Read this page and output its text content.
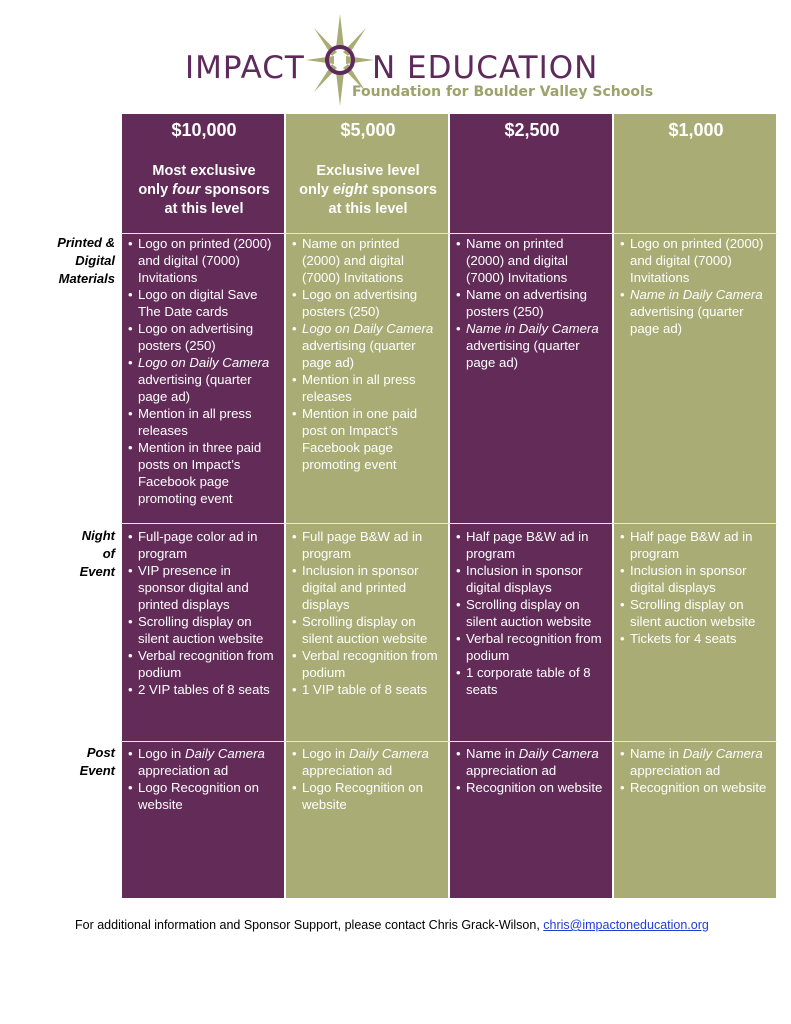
IMPACT N EDUCATION
Foundation for Boulder Valley Schools
Printed &
Digital
Materials
Night
of
Event
Post
Event
$10,000
Most exclusive
only four sponsors
at this level
• Logo on printed (2000) and digital (7000) Invitations
• Logo on digital Save The Date cards
• Logo on advertising posters (250)
• Logo on Daily Camera advertising (quarter page ad)
• Mention in all press releases
• Mention in three paid posts on Impact’s Facebook page promoting event
• Full-page color ad in program
• VIP presence in sponsor digital and printed displays
• Scrolling display on silent auction website
• Verbal recognition from podium
• 2 VIP tables of 8 seats
• Logo in Daily Camera appreciation ad
• Logo Recognition on website
$5,000
Exclusive level
only eight sponsors
at this level
• Name on printed (2000) and digital (7000) Invitations
• Logo on advertising posters (250)
• Logo on Daily Camera advertising (quarter page ad)
• Mention in all press releases
• Mention in one paid post on Impact’s Facebook page promoting event
• Full page B&W ad in program
• Inclusion in sponsor digital and printed displays
• Scrolling display on silent auction website
• Verbal recognition from podium
• 1 VIP table of 8 seats
• Logo in Daily Camera appreciation ad
• Logo Recognition on website
$2,500
• Name on printed (2000) and digital (7000) Invitations
• Name on advertising posters (250)
• Name in Daily Camera advertising (quarter page ad)
• Half page B&W ad in program
• Inclusion in sponsor digital displays
• Scrolling display on silent auction website
• Verbal recognition from podium
• 1 corporate table of 8 seats
• Name in Daily Camera appreciation ad
• Recognition on website
$1,000
• Logo on printed (2000) and digital (7000) Invitations
• Name in Daily Camera advertising (quarter page ad)
• Half page B&W ad in program
• Inclusion in sponsor digital displays
• Scrolling display on silent auction website
• Tickets for 4 seats
• Name in Daily Camera appreciation ad
• Recognition on website
For additional information and Sponsor Support, please contact Chris Grack-Wilson, chris@impactoneducation.org
